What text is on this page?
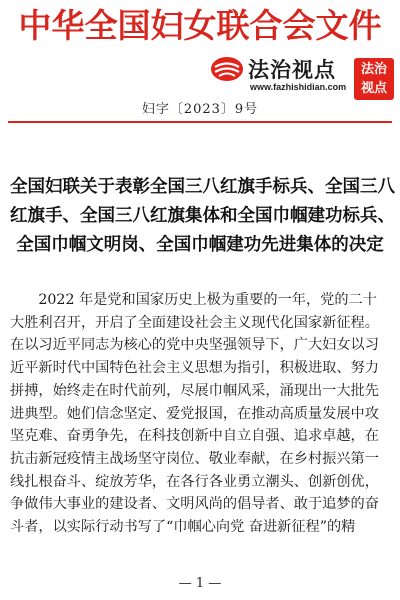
中华全国妇女联合会文件
法治视点
www.fazhishidian.com
法治
视点
妇字〔2023〕9号
全国妇联关于表彰全国三八红旗手标兵、全国三八
红旗手、全国三八红旗集体和全国巾帼建功标兵、
全国巾帼文明岗、全国巾帼建功先进集体的决定
　　2022 年是党和国家历史上极为重要的一年，党的二十
大胜利召开，开启了全面建设社会主义现代化国家新征程。
在以习近平同志为核心的党中央坚强领导下，广大妇女以习
近平新时代中国特色社会主义思想为指引，积极进取、努力
拼搏，始终走在时代前列，尽展巾帼风采，涌现出一大批先
进典型。她们信念坚定、爱党报国，在推动高质量发展中攻
坚克难、奋勇争先，在科技创新中自立自强、追求卓越，在
抗击新冠疫情主战场坚守岗位、敬业奉献，在乡村振兴第一
线扎根奋斗、绽放芳华，在各行各业勇立潮头、创新创优，
争做伟大事业的建设者、文明风尚的倡导者、敢于追梦的奋
斗者，以实际行动书写了“巾帼心向党 奋进新征程”的精
— 1 —
